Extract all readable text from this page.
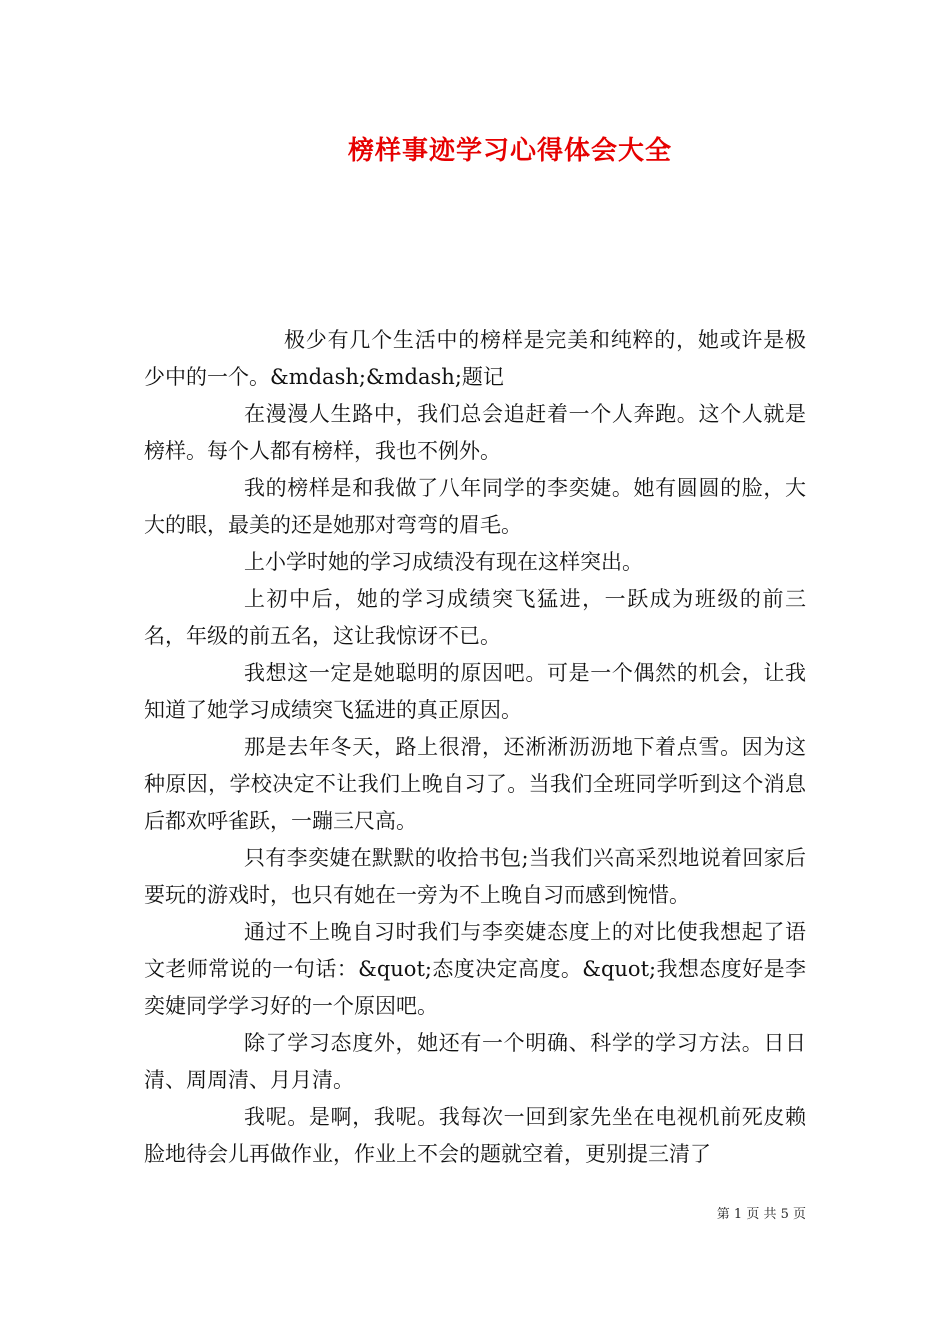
榜样事迹学习心得体会大全

极少有几个生活中的榜样是完美和纯粹的，她或许是极少中的一个。&mdash;&mdash;题记

在漫漫人生路中，我们总会追赶着一个人奔跑。这个人就是榜样。每个人都有榜样，我也不例外。

我的榜样是和我做了八年同学的李奕婕。她有圆圆的脸，大大的眼，最美的还是她那对弯弯的眉毛。

上小学时她的学习成绩没有现在这样突出。

上初中后，她的学习成绩突飞猛进，一跃成为班级的前三名，年级的前五名，这让我惊讶不已。

我想这一定是她聪明的原因吧。可是一个偶然的机会，让我知道了她学习成绩突飞猛进的真正原因。

那是去年冬天，路上很滑，还淅淅沥沥地下着点雪。因为这种原因，学校决定不让我们上晚自习了。当我们全班同学听到这个消息后都欢呼雀跃，一蹦三尺高。

只有李奕婕在默默的收拾书包;当我们兴高采烈地说着回家后要玩的游戏时，也只有她在一旁为不上晚自习而感到惋惜。

通过不上晚自习时我们与李奕婕态度上的对比使我想起了语文老师常说的一句话：&quot;态度决定高度。&quot;我想态度好是李奕婕同学学习好的一个原因吧。

除了学习态度外，她还有一个明确、科学的学习方法。日日清、周周清、月月清。

我呢。是啊，我呢。我每次一回到家先坐在电视机前死皮赖脸地待会儿再做作业，作业上不会的题就空着，更别提三清了

第 1 页 共 5 页
